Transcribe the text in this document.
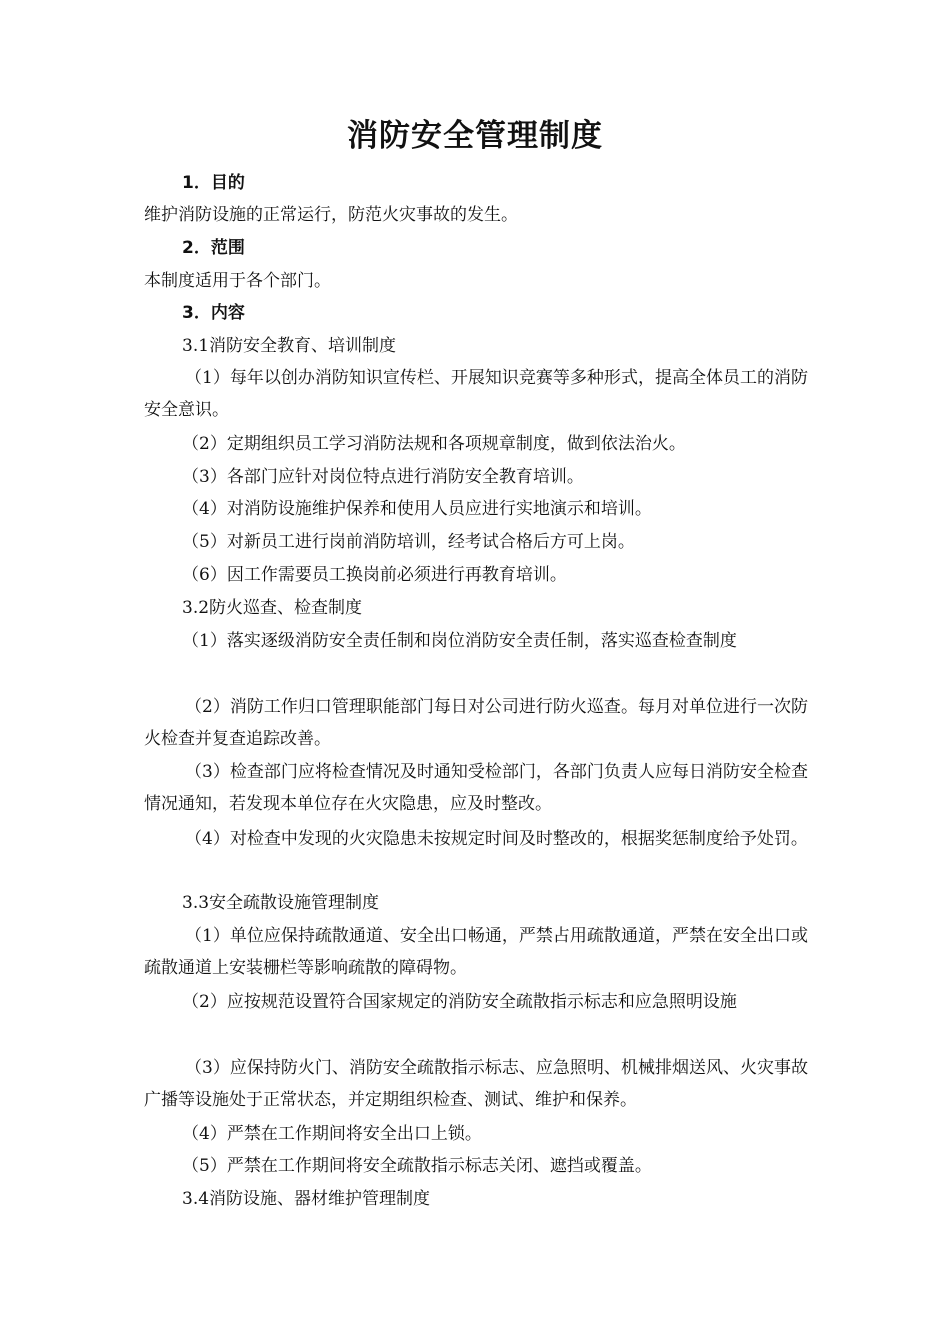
消防安全管理制度

1．目的

维护消防设施的正常运行，防范火灾事故的发生。

2．范围

本制度适用于各个部门。

3．内容

3.1消防安全教育、培训制度

（1）每年以创办消防知识宣传栏、开展知识竞赛等多种形式，提高全体员工的消防安全意识。

（2）定期组织员工学习消防法规和各项规章制度，做到依法治火。

（3）各部门应针对岗位特点进行消防安全教育培训。

（4）对消防设施维护保养和使用人员应进行实地演示和培训。

（5）对新员工进行岗前消防培训，经考试合格后方可上岗。

（6）因工作需要员工换岗前必须进行再教育培训。

3.2防火巡查、检查制度

（1）落实逐级消防安全责任制和岗位消防安全责任制，落实巡查检查制度

（2）消防工作归口管理职能部门每日对公司进行防火巡查。每月对单位进行一次防火检查并复查追踪改善。

（3）检查部门应将检查情况及时通知受检部门，各部门负责人应每日消防安全检查情况通知，若发现本单位存在火灾隐患，应及时整改。

（4）对检查中发现的火灾隐患未按规定时间及时整改的，根据奖惩制度给予处罚。

3.3安全疏散设施管理制度

（1）单位应保持疏散通道、安全出口畅通，严禁占用疏散通道，严禁在安全出口或疏散通道上安装栅栏等影响疏散的障碍物。

（2）应按规范设置符合国家规定的消防安全疏散指示标志和应急照明设施

（3）应保持防火门、消防安全疏散指示标志、应急照明、机械排烟送风、火灾事故广播等设施处于正常状态，并定期组织检查、测试、维护和保养。

（4）严禁在工作期间将安全出口上锁。

（5）严禁在工作期间将安全疏散指示标志关闭、遮挡或覆盖。

3.4消防设施、器材维护管理制度
